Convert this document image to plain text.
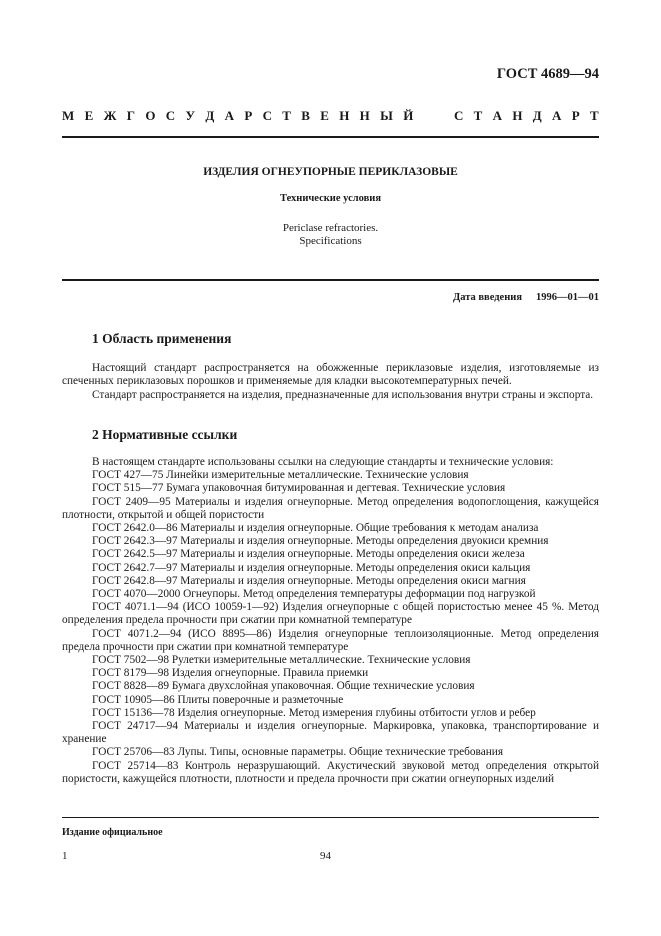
ГОСТ 4689—94
М Е Ж Г О С У Д А Р С Т В Е Н Н Ы Й	С Т А Н Д А Р Т
ИЗДЕЛИЯ ОГНЕУПОРНЫЕ ПЕРИКЛАЗОВЫЕ
Технические условия
Periclase refractories.
Specifications
Дата введения 1996—01—01
1 Область применения

Настоящий стандарт распространяется на обожженные периклазовые изделия, изготовляемые из спеченных периклазовых порошков и применяемые для кладки высокотемпературных печей.

Стандарт распространяется на изделия, предназначенные для использования внутри страны и экспорта.

2 Нормативные ссылки

В настоящем стандарте использованы ссылки на следующие стандарты и технические условия:

ГОСТ 427—75 Линейки измерительные металлические. Технические условия

ГОСТ 515—77 Бумага упаковочная битумированная и дегтевая. Технические условия

ГОСТ 2409—95 Материалы и изделия огнеупорные. Метод определения водопоглощения, кажущейся плотности, открытой и общей пористости

ГОСТ 2642.0—86 Материалы и изделия огнеупорные. Общие требования к методам анализа

ГОСТ 2642.3—97 Материалы и изделия огнеупорные. Методы определения двуокиси кремния

ГОСТ 2642.5—97 Материалы и изделия огнеупорные. Методы определения окиси железа

ГОСТ 2642.7—97 Материалы и изделия огнеупорные. Методы определения окиси кальция

ГОСТ 2642.8—97 Материалы и изделия огнеупорные. Методы определения окиси магния

ГОСТ 4070—2000 Огнеупоры. Метод определения температуры деформации под нагрузкой

ГОСТ 4071.1—94 (ИСО 10059-1—92) Изделия огнеупорные с общей пористостью менее 45 %. Метод определения предела прочности при сжатии при комнатной температуре

ГОСТ 4071.2—94 (ИСО 8895—86) Изделия огнеупорные теплоизоляционные. Метод определения предела прочности при сжатии при комнатной температуре

ГОСТ 7502—98 Рулетки измерительные металлические. Технические условия

ГОСТ 8179—98 Изделия огнеупорные. Правила приемки

ГОСТ 8828—89 Бумага двухслойная упаковочная. Общие технические условия

ГОСТ 10905—86 Плиты поверочные и разметочные

ГОСТ 15136—78 Изделия огнеупорные. Метод измерения глубины отбитости углов и ребер

ГОСТ 24717—94 Материалы и изделия огнеупорные. Маркировка, упаковка, транспортирование и хранение

ГОСТ 25706—83 Лупы. Типы, основные параметры. Общие технические требования

ГОСТ 25714—83 Контроль неразрушающий. Акустический звуковой метод определения открытой пористости, кажущейся плотности, плотности и предела прочности при сжатии огнеупорных изделий

Издание официальное
1	94
